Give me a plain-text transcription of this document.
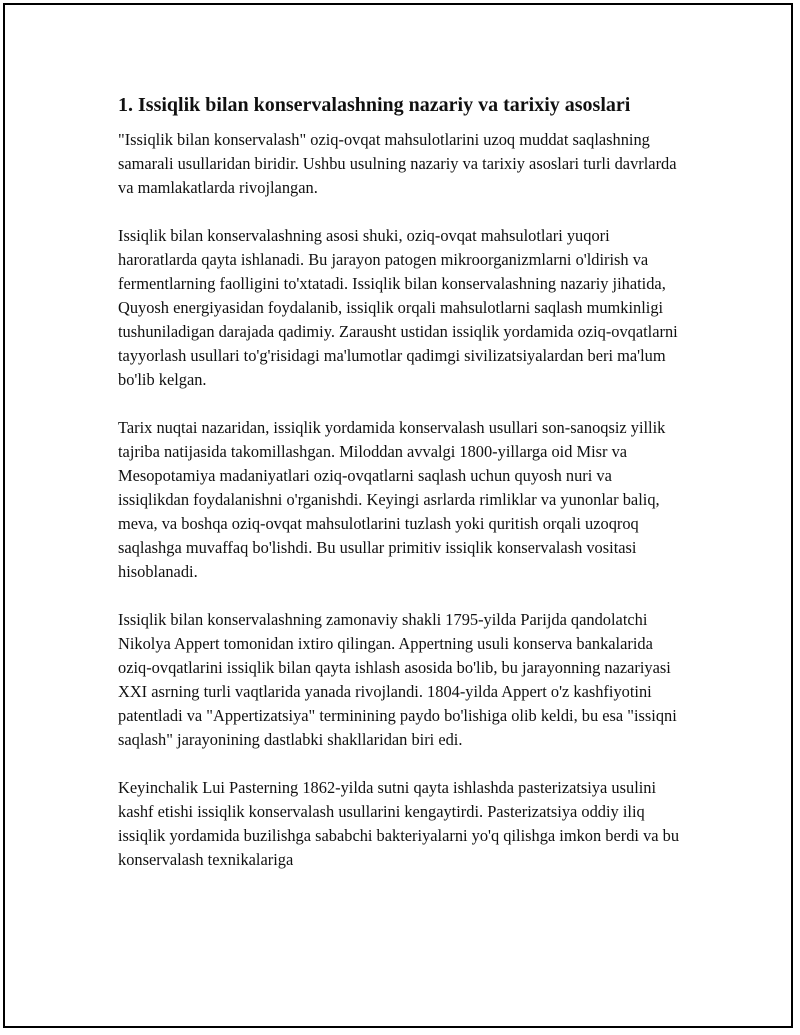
1. Issiqlik bilan konservalashning nazariy va tarixiy asoslari

"Issiqlik bilan konservalash" oziq-ovqat mahsulotlarini uzoq muddat saqlashning samarali usullaridan biridir. Ushbu usulning nazariy va tarixiy asoslari turli davrlarda va mamlakatlarda rivojlangan.

Issiqlik bilan konservalashning asosi shuki, oziq-ovqat mahsulotlari yuqori haroratlarda qayta ishlanadi. Bu jarayon patogen mikroorganizmlarni o'ldirish va fermentlarning faolligini to'xtatadi. Issiqlik bilan konservalashning nazariy jihatida, Quyosh energiyasidan foydalanib, issiqlik orqali mahsulotlarni saqlash mumkinligi tushuniladigan darajada qadimiy. Zarausht ustidan issiqlik yordamida oziq-ovqatlarni tayyorlash usullari to'g'risidagi ma'lumotlar qadimgi sivilizatsiyalardan beri ma'lum bo'lib kelgan.

Tarix nuqtai nazaridan, issiqlik yordamida konservalash usullari son-sanoqsiz yillik tajriba natijasida takomillashgan. Miloddan avvalgi 1800-yillarga oid Misr va Mesopotamiya madaniyatlari oziq-ovqatlarni saqlash uchun quyosh nuri va issiqlikdan foydalanishni o'rganishdi. Keyingi asrlarda rimliklar va yunonlar baliq, meva, va boshqa oziq-ovqat mahsulotlarini tuzlash yoki quritish orqali uzoqroq saqlashga muvaffaq bo'lishdi. Bu usullar primitiv issiqlik konservalash vositasi hisoblanadi.

Issiqlik bilan konservalashning zamonaviy shakli 1795-yilda Parijda qandolatchi Nikolya Appert tomonidan ixtiro qilingan. Appertning usuli konserva bankalarida oziq-ovqatlarini issiqlik bilan qayta ishlash asosida bo'lib, bu jarayonning nazariyasi XXI asrning turli vaqtlarida yanada rivojlandi. 1804-yilda Appert o'z kashfiyotini patentladi va "Appertizatsiya" terminining paydo bo'lishiga olib keldi, bu esa "issiqni saqlash" jarayonining dastlabki shakllaridan biri edi.

Keyinchalik Lui Pasterning 1862-yilda sutni qayta ishlashda pasterizatsiya usulini kashf etishi issiqlik konservalash usullarini kengaytirdi. Pasterizatsiya oddiy iliq issiqlik yordamida buzilishga sababchi bakteriyalarni yo'q qilishga imkon berdi va bu konservalash texnikalariga
